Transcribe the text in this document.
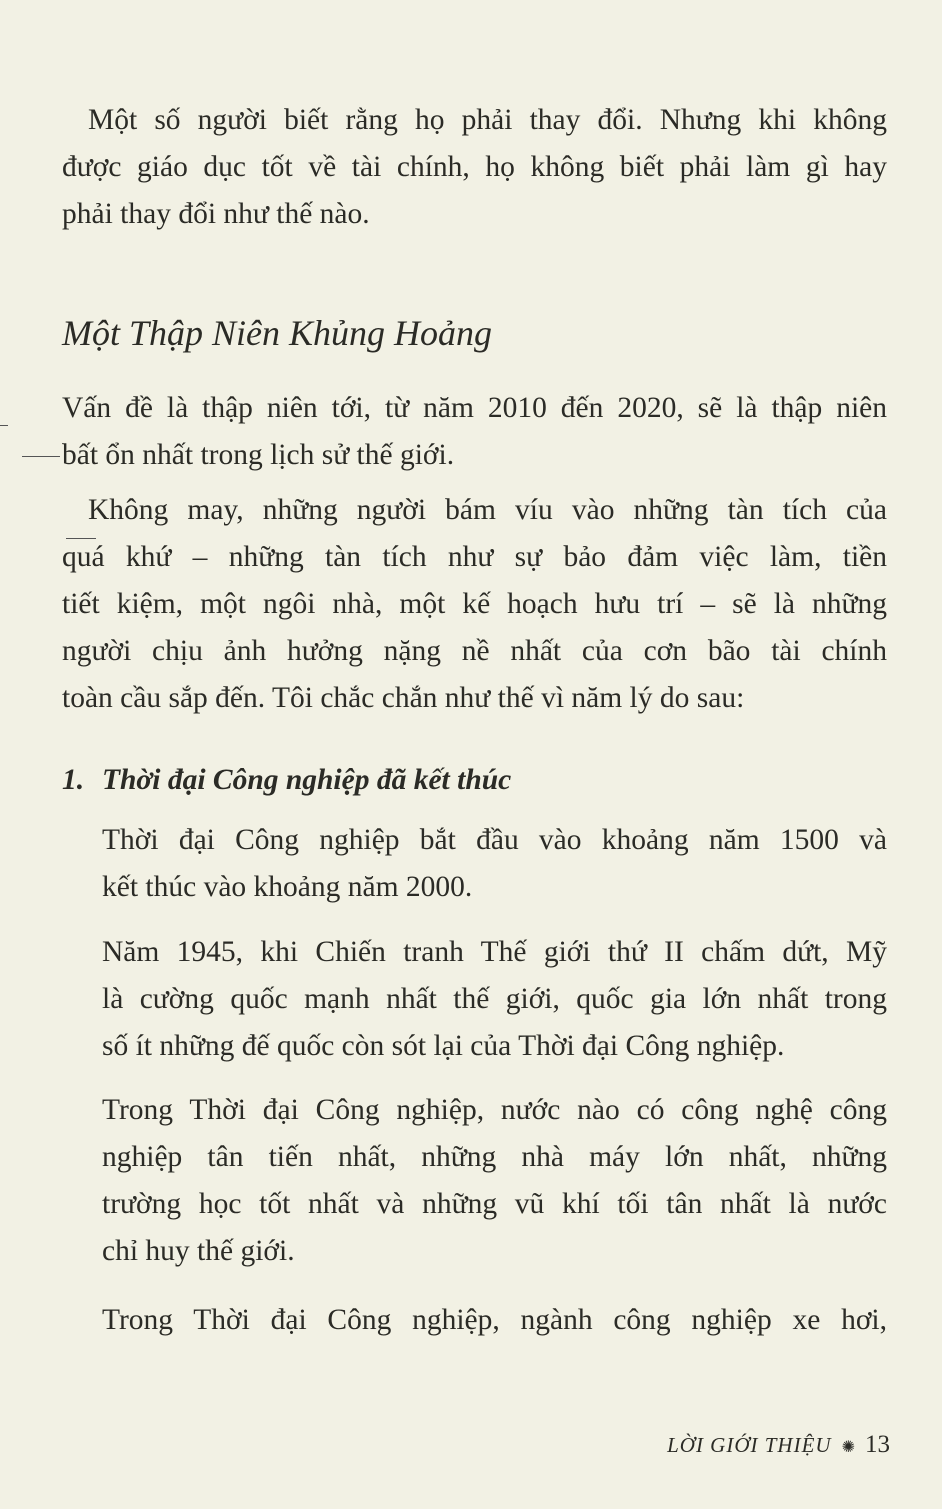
Một số người biết rằng họ phải thay đổi. Nhưng khi không
được giáo dục tốt về tài chính, họ không biết phải làm gì hay
phải thay đổi như thế nào.
Vấn đề là thập niên tới, từ năm 2010 đến 2020, sẽ là thập niên
bất ổn nhất trong lịch sử thế giới.
Không may, những người bám víu vào những tàn tích của
quá khứ – những tàn tích như sự bảo đảm việc làm, tiền
tiết kiệm, một ngôi nhà, một kế hoạch hưu trí – sẽ là những
người chịu ảnh hưởng nặng nề nhất của cơn bão tài chính
toàn cầu sắp đến. Tôi chắc chắn như thế vì năm lý do sau:
Một Thập Niên Khủng Hoảng
1. Thời đại Công nghiệp đã kết thúc
Thời đại Công nghiệp bắt đầu vào khoảng năm 1500 và
kết thúc vào khoảng năm 2000.
Năm 1945, khi Chiến tranh Thế giới thứ II chấm dứt, Mỹ
là cường quốc mạnh nhất thế giới, quốc gia lớn nhất trong
số ít những đế quốc còn sót lại của Thời đại Công nghiệp.
Trong Thời đại Công nghiệp, nước nào có công nghệ công
nghiệp tân tiến nhất, những nhà máy lớn nhất, những
trường học tốt nhất và những vũ khí tối tân nhất là nước
chỉ huy thế giới.
Trong Thời đại Công nghiệp, ngành công nghiệp xe hơi,
LỜI GIỚI THIỆU ✺ 13
